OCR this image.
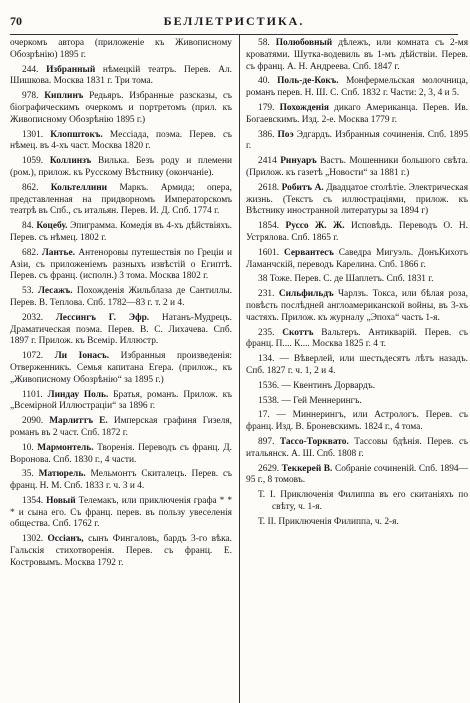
70	БЕЛЛЕТРИСТИКА.

очеркомъ автора (приложеніе къ Живописному Обозрѣнію) 1895 г.

244. Избранный нѣмецкій театръ. Перев. Ал. Шишкова. Москва 1831 г. Три тома.

978. Киплинъ Редьяръ. Избранные разсказы, съ біографическимъ очеркомъ и портретомъ (прил. къ Живописному Обозрѣнію 1895 г.)

1301. Клопштокъ. Мессіада, поэма. Перев. съ нѣмец. въ 4-хъ част. Москва 1820 г.

1059. Коллинзъ Вилька. Безъ роду и племени (ром.), прилож. къ Русскому Вѣстнику (окончаніе).

862. Кольтеллини Маркъ. Армида; опера, представленная на придворномъ Императорскомъ театрѣ въ Спб., съ итальян. Перев. И. Д. Спб. 1774 г.

84. Коцебу. Эпиграмма. Комедія въ 4-хъ дѣйствіяхъ. Перев. съ нѣмец. 1802 г.

682. Лантье. Антеноровы путешествія по Греціи и Азіи, съ приложеніемъ разныхъ извѣстій о Египтѣ. Перев. съ франц. (исполн.) 3 тома. Москва 1802 г.

53. Лесажъ. Похожденія Жильблаза де Сантиллы. Перев. В. Теплова. Спб. 1782—83 г. т. 2 и 4.

2032. Лессингъ Г. Эфр. Натанъ-Мудрецъ. Драматическая поэма. Перев. В. С. Лихачева. Спб. 1897 г. Прилож. къ Всемір. Иллюстр.

1072. Ли Іонасъ. Избранныя произведенія: Отверженникъ. Семья капитана Егера. (прилож., къ „Живописному Обозрѣнію“ за 1895 г.)

1101. Линдау Поль. Братья, романъ. Прилож. къ „Всемірной Иллюстраціи“ за 1896 г.

2090. Марлиттъ Е. Имперская графиня Гизеля, романъ въ 2 част. Спб. 1872 г.

10. Мармонтель. Творенія. Переводъ съ франц. Д. Воронова. Спб. 1830 г., 4 части.

35. Матюрель. Мельмонтъ Скиталецъ. Перев. съ франц. Н. М. Спб. 1833 г. ч. 3 и 4.

1354. Новый Телемакъ, или приключенія графа * * * и сына его. Съ франц. перев. въ пользу увеселенія общества. Спб. 1762 г.

1302. Оссіанъ, сынъ Фингаловъ, бардъ 3-го вѣка. Гальскія стихотворенія. Перев. съ франц. Е. Костровымъ. Москва 1792 г.

58. Полюбовный дѣлежъ, или комната съ 2-мя кроватями. Шутка-водевиль въ 1-мъ дѣйствіи. Перев. съ франц. А. Н. Андреева. Спб. 1847 г.

40. Поль-де-Кокъ. Монфермельская молочница, романъ перев. Н. Ш. С. Спб. 1832 г. Части: 2, 3, 4 и 5.

179. Похожденія дикаго Американца. Перев. Ив. Богаевскимъ. Изд. 2-е. Москва 1779 г.

386. Поэ Эдгардъ. Избранныя сочиненія. Спб. 1895 г.

2414 Ринуаръ Вастъ. Мошенники большого свѣта. (Прилож. къ газетѣ „Новости“ за 1881 г.)

2618. Робитъ А. Двадцатое столѣтіе. Электрическая жизнь. (Текстъ съ иллюстраціями, прилож. къ Вѣстнику иностранной литературы за 1894 г)

1854. Руссо Ж. Ж. Исповѣдь. Переводъ О. Н. Устрялова. Спб. 1865 г.

1601. Сервантесъ Саведра Мигуэль. ДонъКихотъ Ламанчскій, переводъ Карелина. Спб. 1866 г.

38 Тоже. Перев. С. де Шаплетъ. Спб. 1831 г.

231. Сильфильдъ Чарлзъ. Токса, или бѣлая роза, повѣсть послѣдней англоамериканской войны, въ 3-хъ частяхъ. Прилож. къ журналу „Эпоха“ часть 1-я.

235. Скоттъ Вальтеръ. Антикварій. Перев. съ франц. П.... К.... Москва 1825 г. 4 т.

134. — Вѣверлей, или шестьдесятъ лѣтъ назадъ. Спб. 1827 г. ч. 1, 2 и 4.

1536. — Квентинъ Дорвардъ.

1538. — Гей Меннерингъ.

17. — Миннерингъ, или Астрологъ. Перев. съ франц. Изд. В. Броневскимъ. 1824 г., 4 тома.

897. Тассо-Торквато. Тассовы бдѣнія. Перев. съ итальянск. А. Ш. Спб. 1808 г.

2629. Теккерей В. Собраніе сочиненій. Спб. 1894—95 г., 8 томовъ.

Т. I. Приключенія Филиппа въ его скитаніяхъ по свѣту, ч. 1-я.

Т. II. Приключенія Филиппа, ч. 2-я.
